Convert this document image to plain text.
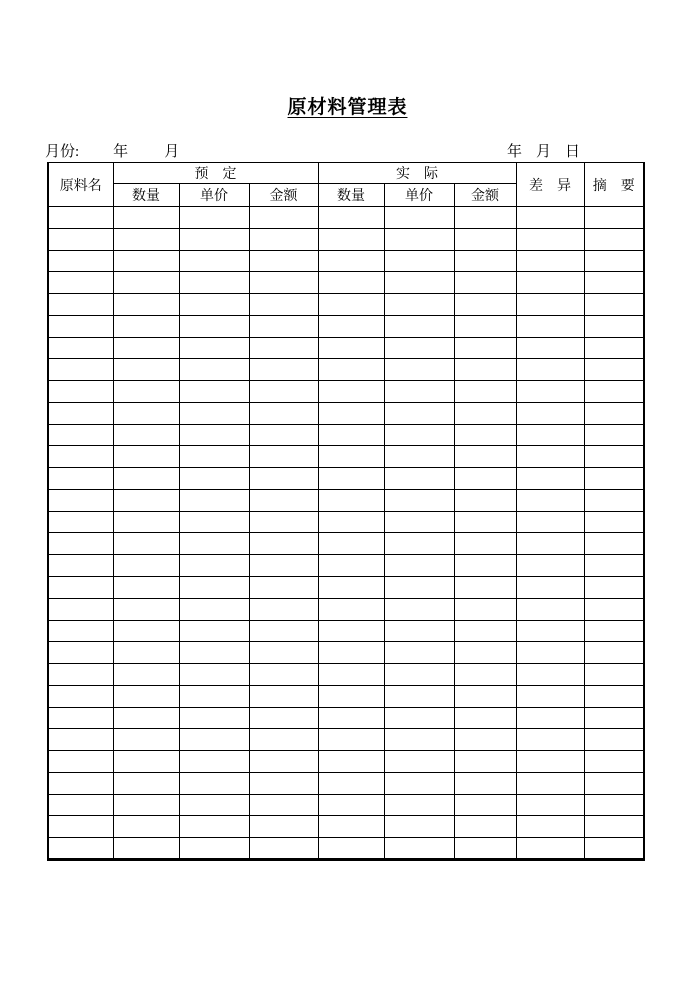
原材料管理表
月份: 年 月	年 月 日
原料名	预　定			实　际			差　异	摘　要
	数量	单价	金额	数量	单价	金额		
